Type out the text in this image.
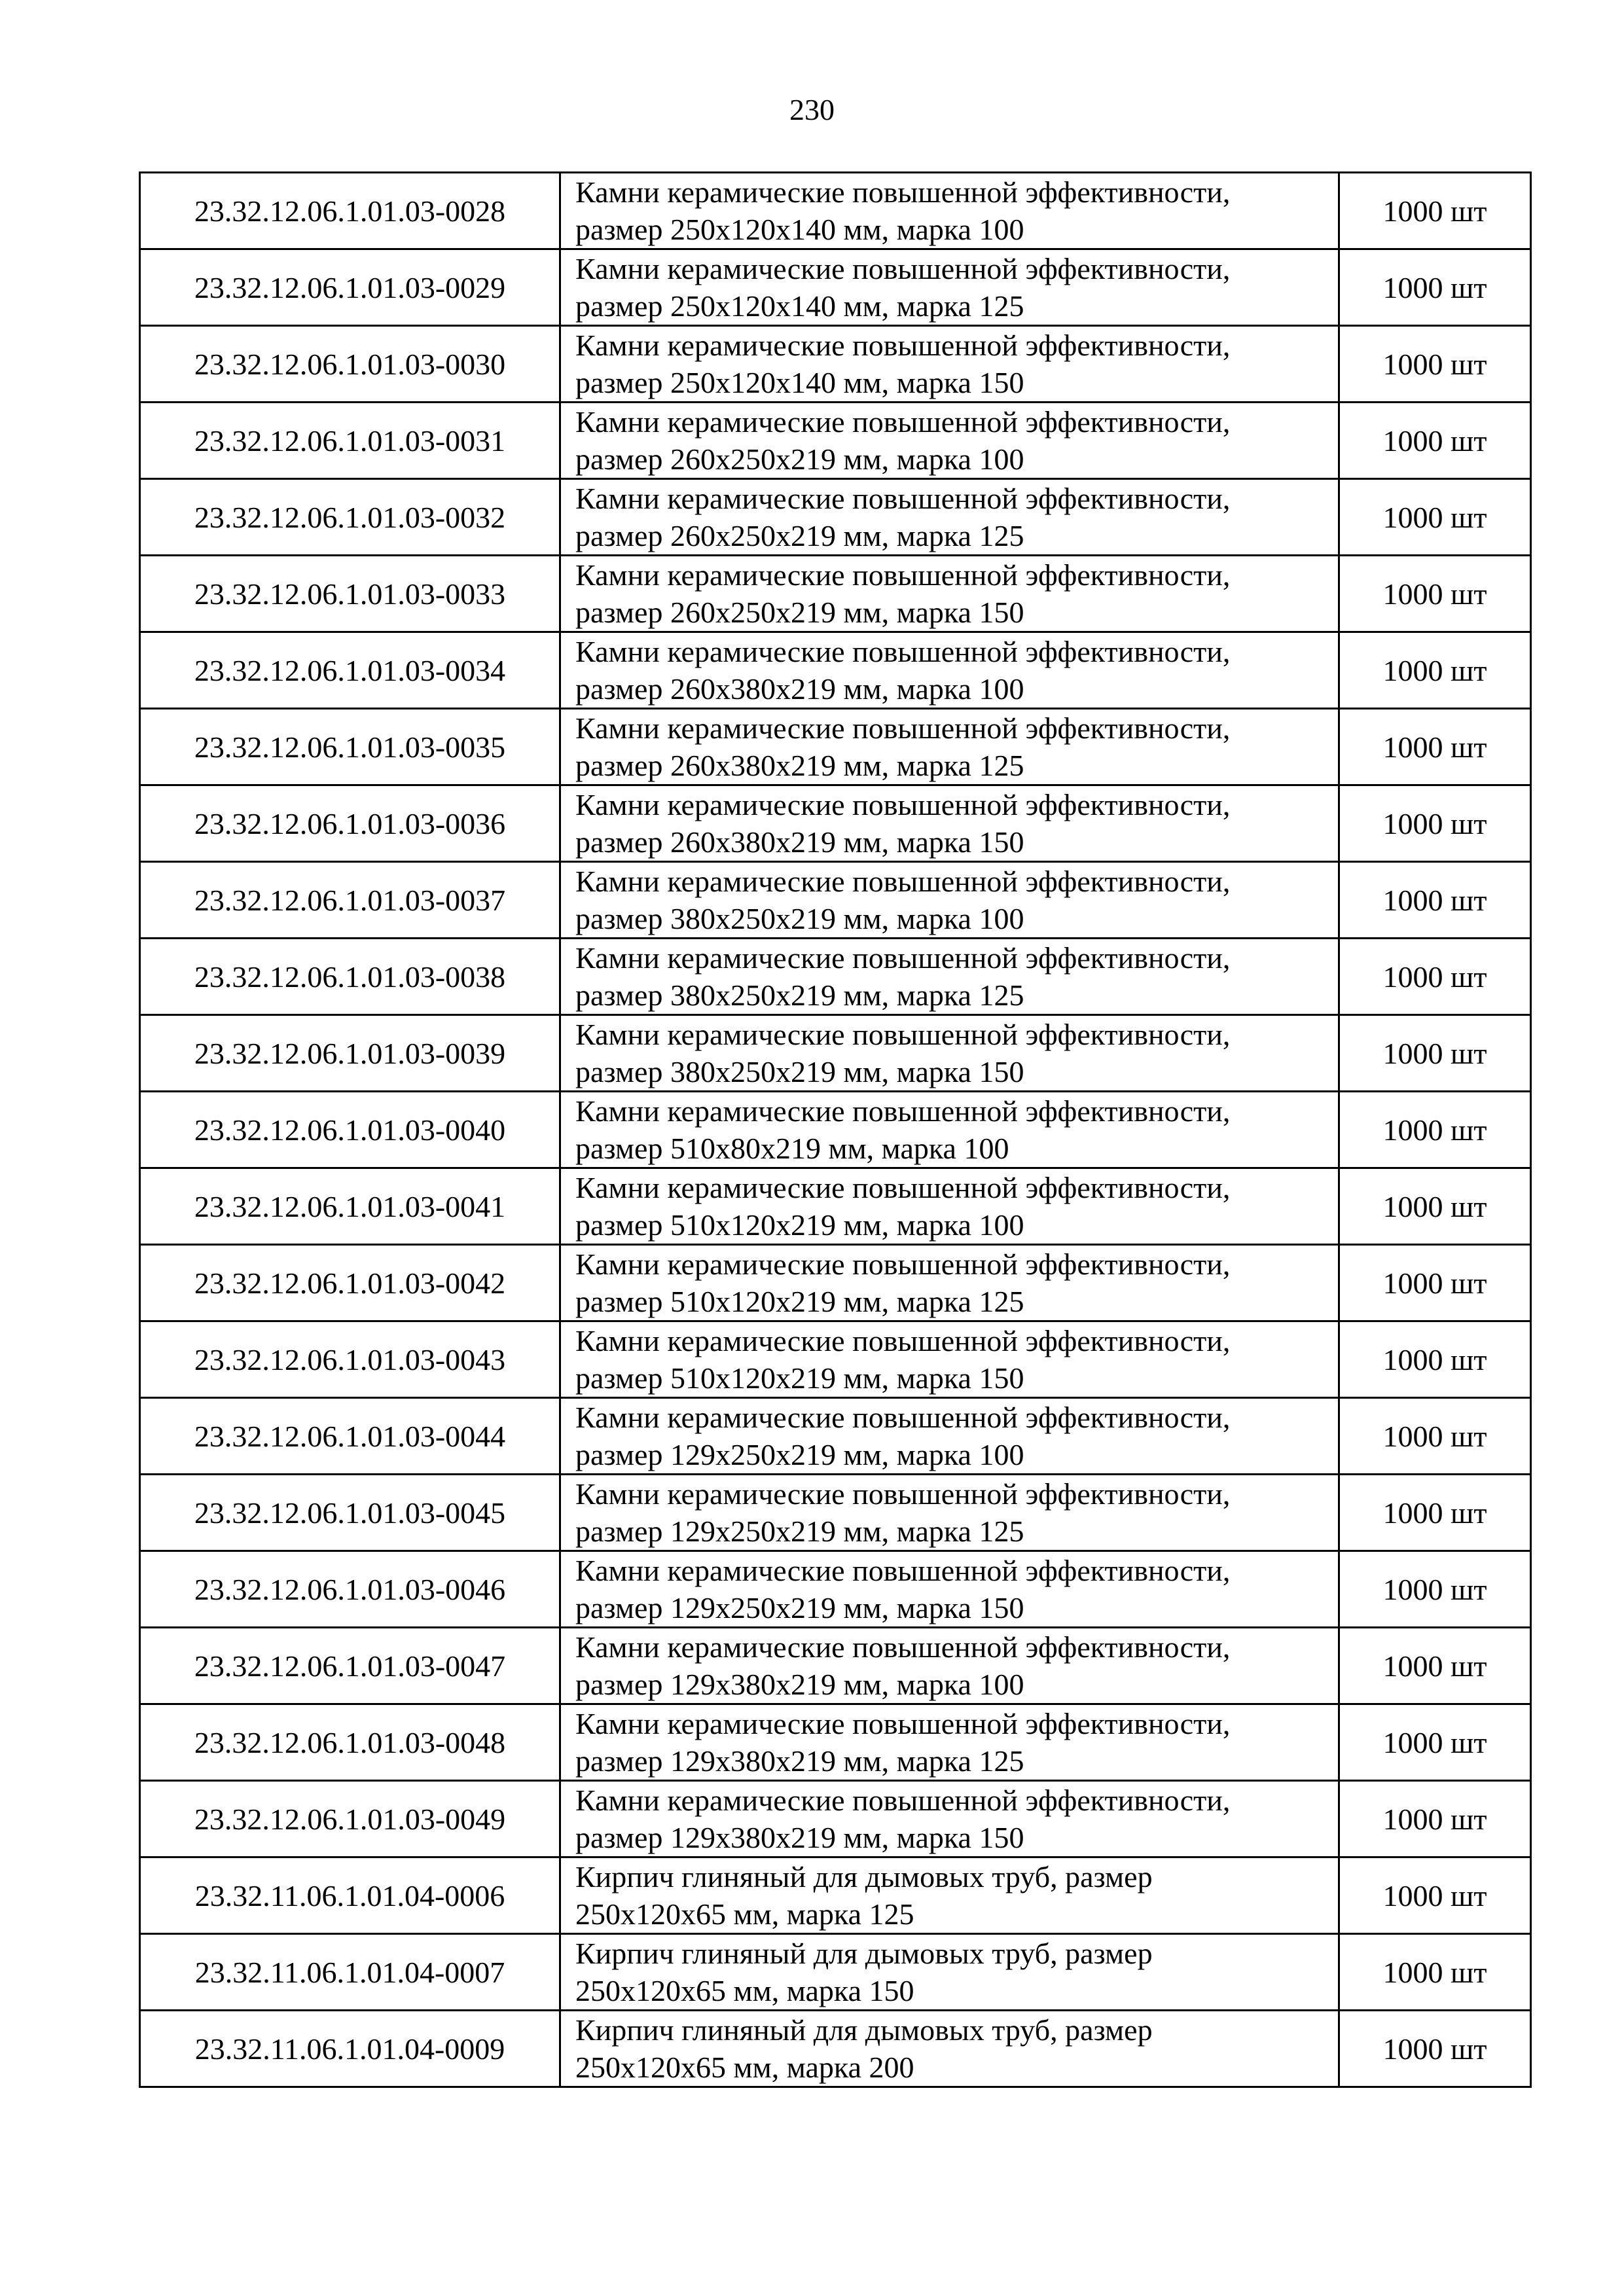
230
23.32.12.06.1.01.03-0028	Камни керамические повышенной эффективности,
размер 250х120х140 мм, марка 100	1000 шт
23.32.12.06.1.01.03-0029	Камни керамические повышенной эффективности,
размер 250х120х140 мм, марка 125	1000 шт
23.32.12.06.1.01.03-0030	Камни керамические повышенной эффективности,
размер 250х120х140 мм, марка 150	1000 шт
23.32.12.06.1.01.03-0031	Камни керамические повышенной эффективности,
размер 260х250х219 мм, марка 100	1000 шт
23.32.12.06.1.01.03-0032	Камни керамические повышенной эффективности,
размер 260х250х219 мм, марка 125	1000 шт
23.32.12.06.1.01.03-0033	Камни керамические повышенной эффективности,
размер 260х250х219 мм, марка 150	1000 шт
23.32.12.06.1.01.03-0034	Камни керамические повышенной эффективности,
размер 260х380х219 мм, марка 100	1000 шт
23.32.12.06.1.01.03-0035	Камни керамические повышенной эффективности,
размер 260х380х219 мм, марка 125	1000 шт
23.32.12.06.1.01.03-0036	Камни керамические повышенной эффективности,
размер 260х380х219 мм, марка 150	1000 шт
23.32.12.06.1.01.03-0037	Камни керамические повышенной эффективности,
размер 380х250х219 мм, марка 100	1000 шт
23.32.12.06.1.01.03-0038	Камни керамические повышенной эффективности,
размер 380х250х219 мм, марка 125	1000 шт
23.32.12.06.1.01.03-0039	Камни керамические повышенной эффективности,
размер 380х250х219 мм, марка 150	1000 шт
23.32.12.06.1.01.03-0040	Камни керамические повышенной эффективности,
размер 510х80х219 мм, марка 100	1000 шт
23.32.12.06.1.01.03-0041	Камни керамические повышенной эффективности,
размер 510х120х219 мм, марка 100	1000 шт
23.32.12.06.1.01.03-0042	Камни керамические повышенной эффективности,
размер 510х120х219 мм, марка 125	1000 шт
23.32.12.06.1.01.03-0043	Камни керамические повышенной эффективности,
размер 510х120х219 мм, марка 150	1000 шт
23.32.12.06.1.01.03-0044	Камни керамические повышенной эффективности,
размер 129х250х219 мм, марка 100	1000 шт
23.32.12.06.1.01.03-0045	Камни керамические повышенной эффективности,
размер 129х250х219 мм, марка 125	1000 шт
23.32.12.06.1.01.03-0046	Камни керамические повышенной эффективности,
размер 129х250х219 мм, марка 150	1000 шт
23.32.12.06.1.01.03-0047	Камни керамические повышенной эффективности,
размер 129х380х219 мм, марка 100	1000 шт
23.32.12.06.1.01.03-0048	Камни керамические повышенной эффективности,
размер 129х380х219 мм, марка 125	1000 шт
23.32.12.06.1.01.03-0049	Камни керамические повышенной эффективности,
размер 129х380х219 мм, марка 150	1000 шт
23.32.11.06.1.01.04-0006	Кирпич глиняный для дымовых труб, размер
250х120х65 мм, марка 125	1000 шт
23.32.11.06.1.01.04-0007	Кирпич глиняный для дымовых труб, размер
250х120х65 мм, марка 150	1000 шт
23.32.11.06.1.01.04-0009	Кирпич глиняный для дымовых труб, размер
250х120х65 мм, марка 200	1000 шт
